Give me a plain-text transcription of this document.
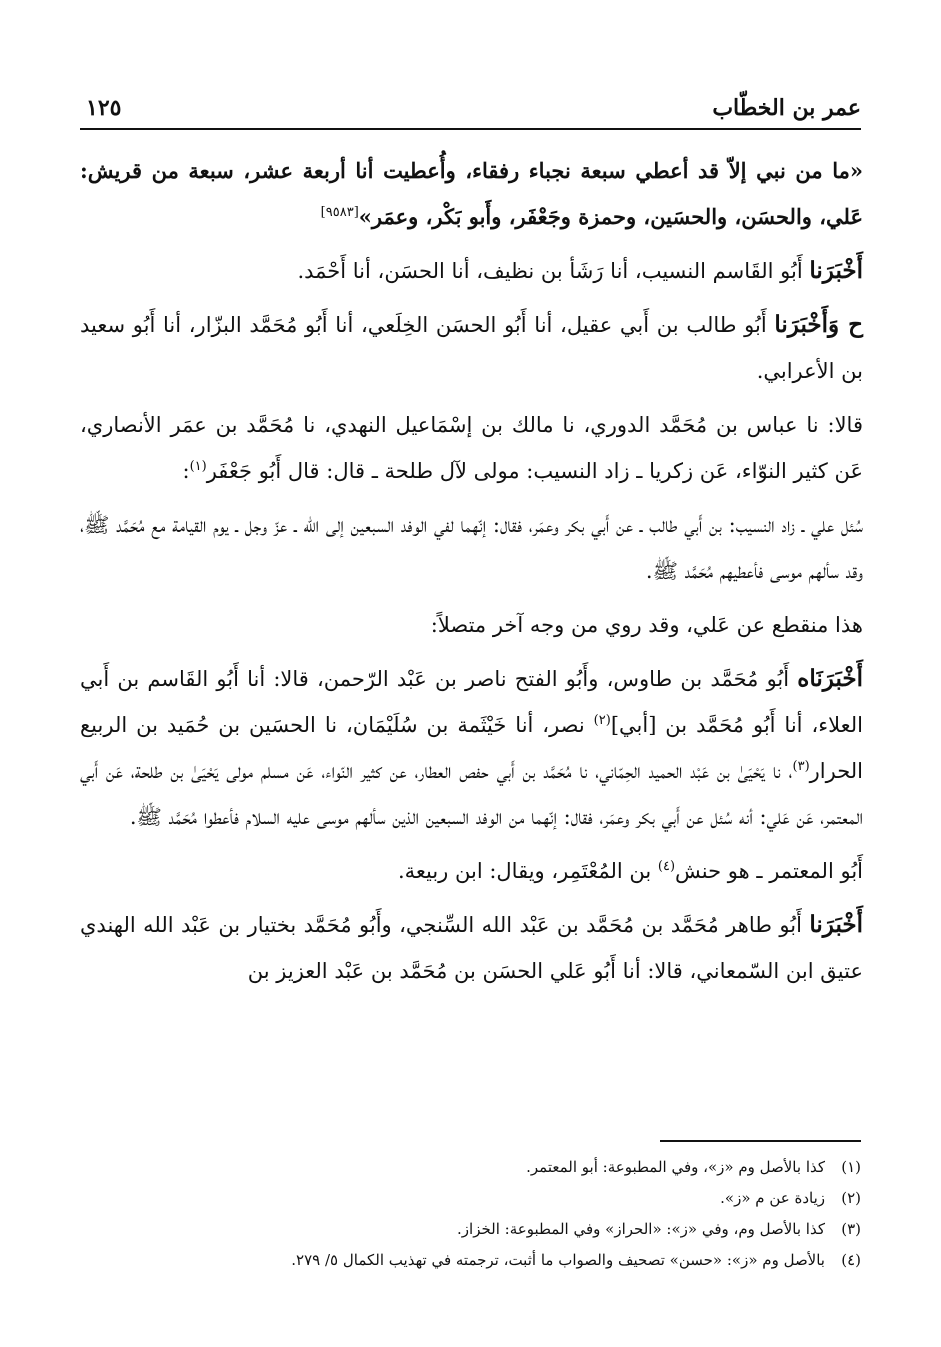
عمر بن الخطّاب
١٢٥

«ما من نبي إلاّ قد أعطي سبعة نجباء رفقاء، وأُعطيت أنا أربعة عشر، سبعة من قريش: عَلي، والحسَن، والحسَين، وحمزة وجَعْفَر، وأَبو بَكْر، وعمَر»[٩٥٨٣]

أَخْبَرَنا أَبُو القَاسم النسيب، أنا رَشَأ بن نظيف، أنا الحسَن، أنا أَحْمَد.

ح وَأَخْبَرَنا أَبُو طالب بن أَبي عقيل، أنا أَبُو الحسَن الخِلَعي، أنا أَبُو مُحَمَّد البزّار، أنا أَبُو سعيد بن الأعرابي.

قالا: نا عباس بن مُحَمَّد الدوري، نا مالك بن إسْمَاعيل النهدي، نا مُحَمَّد بن عمَر الأنصاري، عَن كثير النوّاء، عَن زكريا ـ زاد النسيب: مولى لآل طلحة ـ قال: قال أَبُو جَعْفَر$^{(١)}$:

سُئل علي ـ زاد النسيب: بن أَبي طالب ـ عن أَبي بكر وعمَر، فقال: إنّهما لفي الوفد السبعين إلى الله ـ عزّ وجل ـ يوم القيامة مع مُحَمَّد ﷺ، وقد سألهم موسى فأعطيهم مُحَمَّد ﷺ.

هذا منقطع عن عَلي، وقد روي من وجه آخر متصلاً:

أَخْبَرَنَاه أَبُو مُحَمَّد بن طاوس، وأَبُو الفتح ناصر بن عَبْد الرّحمن، قالا: أنا أَبُو القَاسم بن أَبي العلاء، أنا أَبُو مُحَمَّد بن [أبي]$^{(٢)}$ نصر، أنا خَيْثَمة بن سُلَيْمَان، نا الحسَين بن حُمَيد بن الربيع الحرار$^{(٣)}$، نا يَحْيَىٰ بن عَبْد الحميد الحِمّاني، نا مُحَمَّد بن أَبي حفص العطار، عن كثير النّواء، عَن مسلم مولى يَحْيَىٰ بن طلحة، عَن أَبي المعتمر، عَن عَلي: أنه سُئل عن أَبي بكر وعمَر، فقال: إنّهما من الوفد السبعين الذين سألهم موسى عليه السلام فأعطوا مُحَمَّد ﷺ.

أَبُو المعتمر ـ هو حنش$^{(٤)}$ بن المُعْتَمِر، ويقال: ابن ربيعة.

أَخْبَرَنا أَبُو طاهر مُحَمَّد بن مُحَمَّد بن عَبْد الله السِّنجي، وأَبُو مُحَمَّد بختيار بن عَبْد الله الهندي عتيق ابن السّمعاني، قالا: أنا أَبُو عَلي الحسَن بن مُحَمَّد بن عَبْد العزيز بن

(١)كذا بالأصل وم «ز»، وفي المطبوعة: أبو المعتمر.
(٢)زيادة عن م «ز».
(٣)كذا بالأصل وم، وفي «ز»: «الحراز» وفي المطبوعة: الخزاز.
(٤)بالأصل وم «ز»: «حسن» تصحيف والصواب ما أثبت، ترجمته في تهذيب الكمال ٥/ ٢٧٩.
